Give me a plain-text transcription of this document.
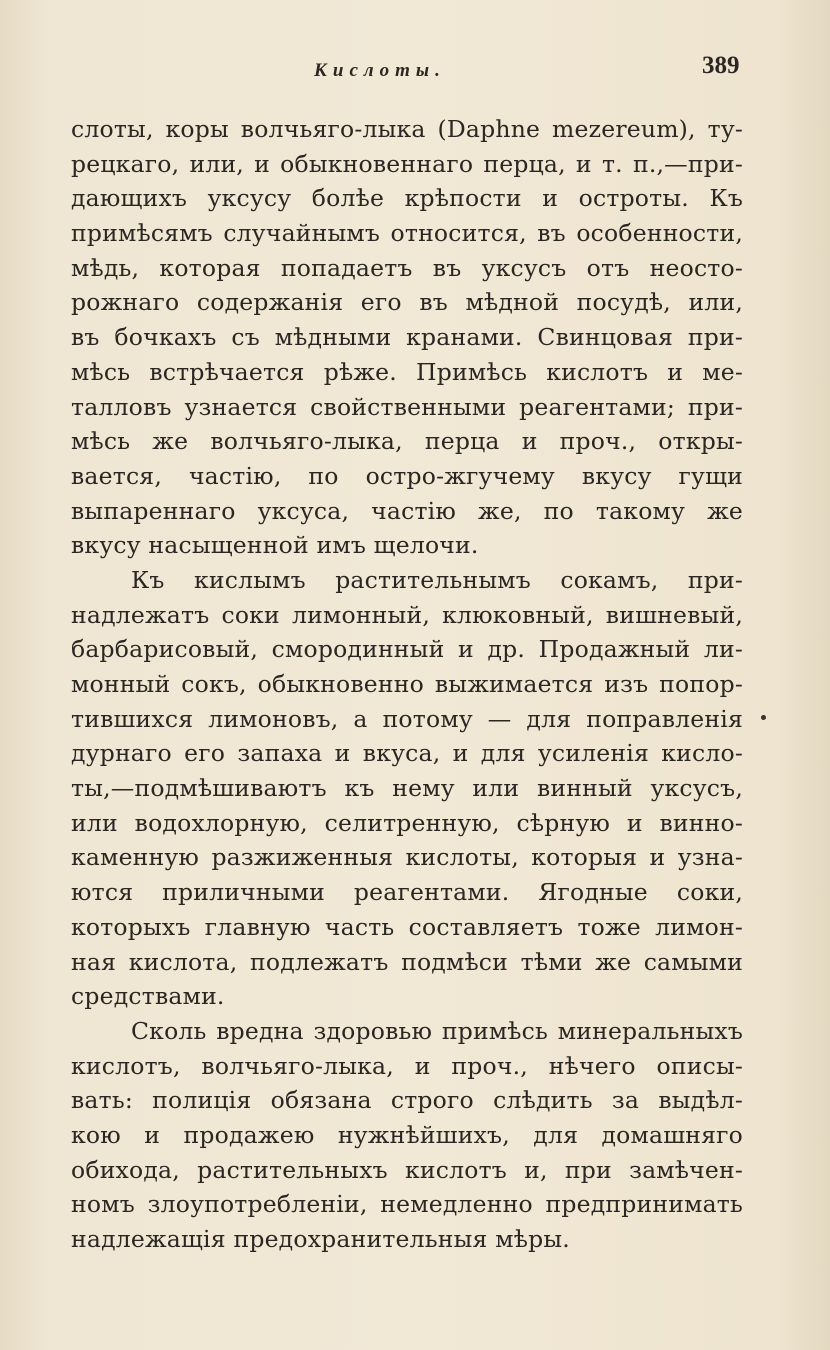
Кислоты.	389
слоты, коры волчьяго-лыка (Daphne mezereum), ту-
рецкаго, или, и обыкновеннаго перца, и т. п.,—при-
дающихъ уксусу болѣе крѣпости и остроты. Къ
примѣсямъ случайнымъ относится, въ особенности,
мѣдь, которая попадаетъ въ уксусъ отъ неосто-
рожнаго содержанія его въ мѣдной посудѣ, или,
въ бочкахъ съ мѣдными кранами. Свинцовая при-
мѣсь встрѣчается рѣже. Примѣсь кислотъ и ме-
талловъ узнается свойственными реагентами; при-
мѣсь же волчьяго-лыка, перца и проч., откры-
вается, частію, по остро-жгучему вкусу гущи
выпареннаго уксуса, частію же, по такому же
вкусу насыщенной имъ щелочи.
Къ кислымъ растительнымъ сокамъ, при-
надлежатъ соки лимонный, клюковный, вишневый,
барбарисовый, смородинный и др. Продажный ли-
монный сокъ, обыкновенно выжимается изъ попор-
тившихся лимоновъ, а потому — для поправленія
дурнаго его запаха и вкуса, и для усиленія кисло-
ты,—подмѣшиваютъ къ нему или винный уксусъ,
или водохлорную, селитренную, сѣрную и винно-
каменную разжиженныя кислоты, которыя и узна-
ются приличными реагентами. Ягодные соки,
которыхъ главную часть составляетъ тоже лимон-
ная кислота, подлежатъ подмѣси тѣми же самыми
средствами.
Сколь вредна здоровью примѣсь минеральныхъ
кислотъ, волчьяго-лыка, и проч., нѣчего описы-
вать: полиція обязана строго слѣдить за выдѣл-
кою и продажею нужнѣйшихъ, для домашняго
обихода, растительныхъ кислотъ и, при замѣчен-
номъ злоупотребленіи, немедленно предпринимать
надлежащія предохранительныя мѣры.
